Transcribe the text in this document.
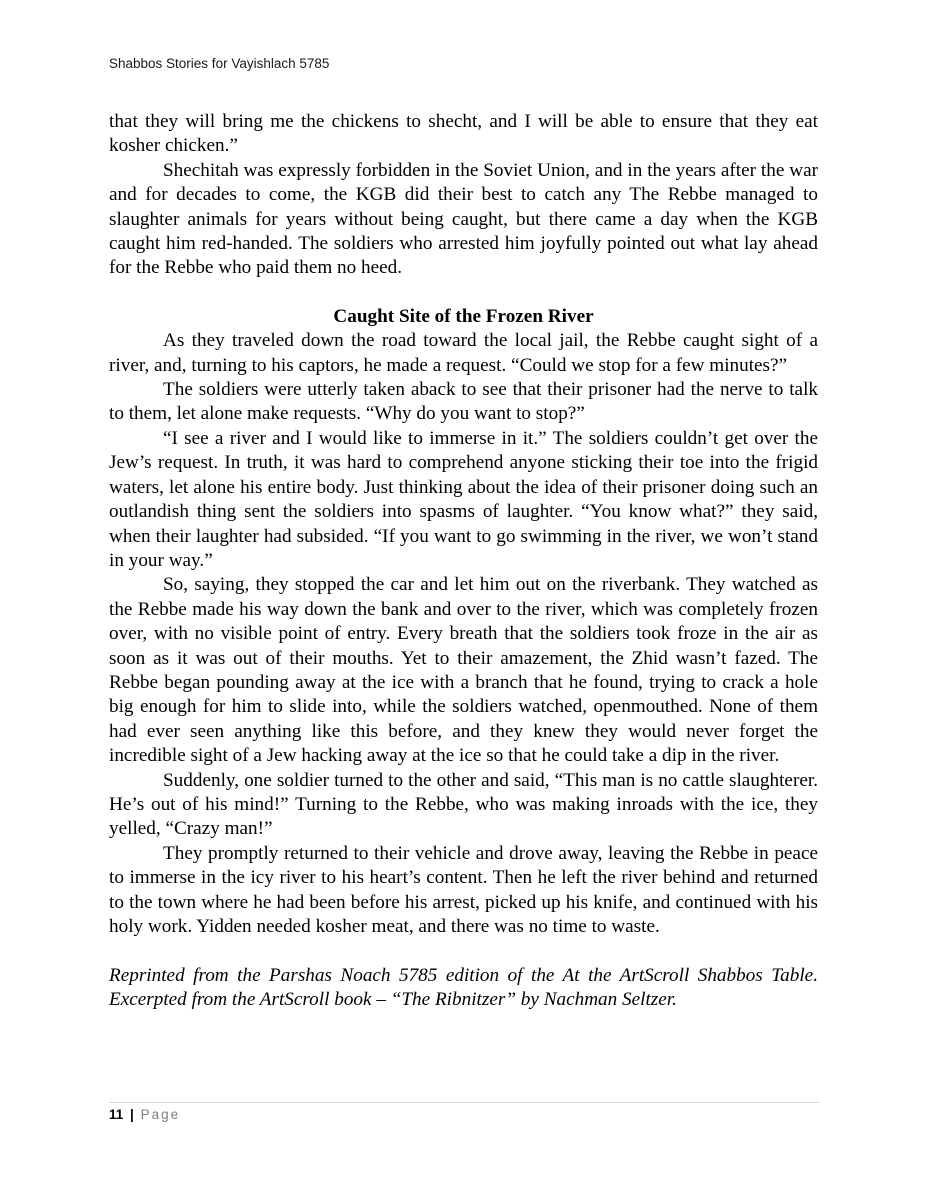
Shabbos Stories for Vayishlach 5785

that they will bring me the chickens to shecht, and I will be able to ensure that they eat kosher chicken.”

Shechitah was expressly forbidden in the Soviet Union, and in the years after the war and for decades to come, the KGB did their best to catch any The Rebbe managed to slaughter animals for years without being caught, but there came a day when the KGB caught him red-handed. The soldiers who arrested him joyfully pointed out what lay ahead for the Rebbe who paid them no heed.

Caught Site of the Frozen River

As they traveled down the road toward the local jail, the Rebbe caught sight of a river, and, turning to his captors, he made a request. “Could we stop for a few minutes?”

The soldiers were utterly taken aback to see that their prisoner had the nerve to talk to them, let alone make requests. “Why do you want to stop?”

“I see a river and I would like to immerse in it.” The soldiers couldn’t get over the Jew’s request. In truth, it was hard to comprehend anyone sticking their toe into the frigid waters, let alone his entire body. Just thinking about the idea of their prisoner doing such an outlandish thing sent the soldiers into spasms of laughter. “You know what?” they said, when their laughter had subsided. “If you want to go swimming in the river, we won’t stand in your way.”

So, saying, they stopped the car and let him out on the riverbank. They watched as the Rebbe made his way down the bank and over to the river, which was completely frozen over, with no visible point of entry. Every breath that the soldiers took froze in the air as soon as it was out of their mouths. Yet to their amazement, the Zhid wasn’t fazed. The Rebbe began pounding away at the ice with a branch that he found, trying to crack a hole big enough for him to slide into, while the soldiers watched, openmouthed. None of them had ever seen anything like this before, and they knew they would never forget the incredible sight of a Jew hacking away at the ice so that he could take a dip in the river.

Suddenly, one soldier turned to the other and said, “This man is no cattle slaughterer. He’s out of his mind!” Turning to the Rebbe, who was making inroads with the ice, they yelled, “Crazy man!”

They promptly returned to their vehicle and drove away, leaving the Rebbe in peace to immerse in the icy river to his heart’s content. Then he left the river behind and returned to the town where he had been before his arrest, picked up his knife, and continued with his holy work. Yidden needed kosher meat, and there was no time to waste.

Reprinted from the Parshas Noach 5785 edition of the At the ArtScroll Shabbos Table. Excerpted from the ArtScroll book – “The Ribnitzer” by Nachman Seltzer.

11 | Page
